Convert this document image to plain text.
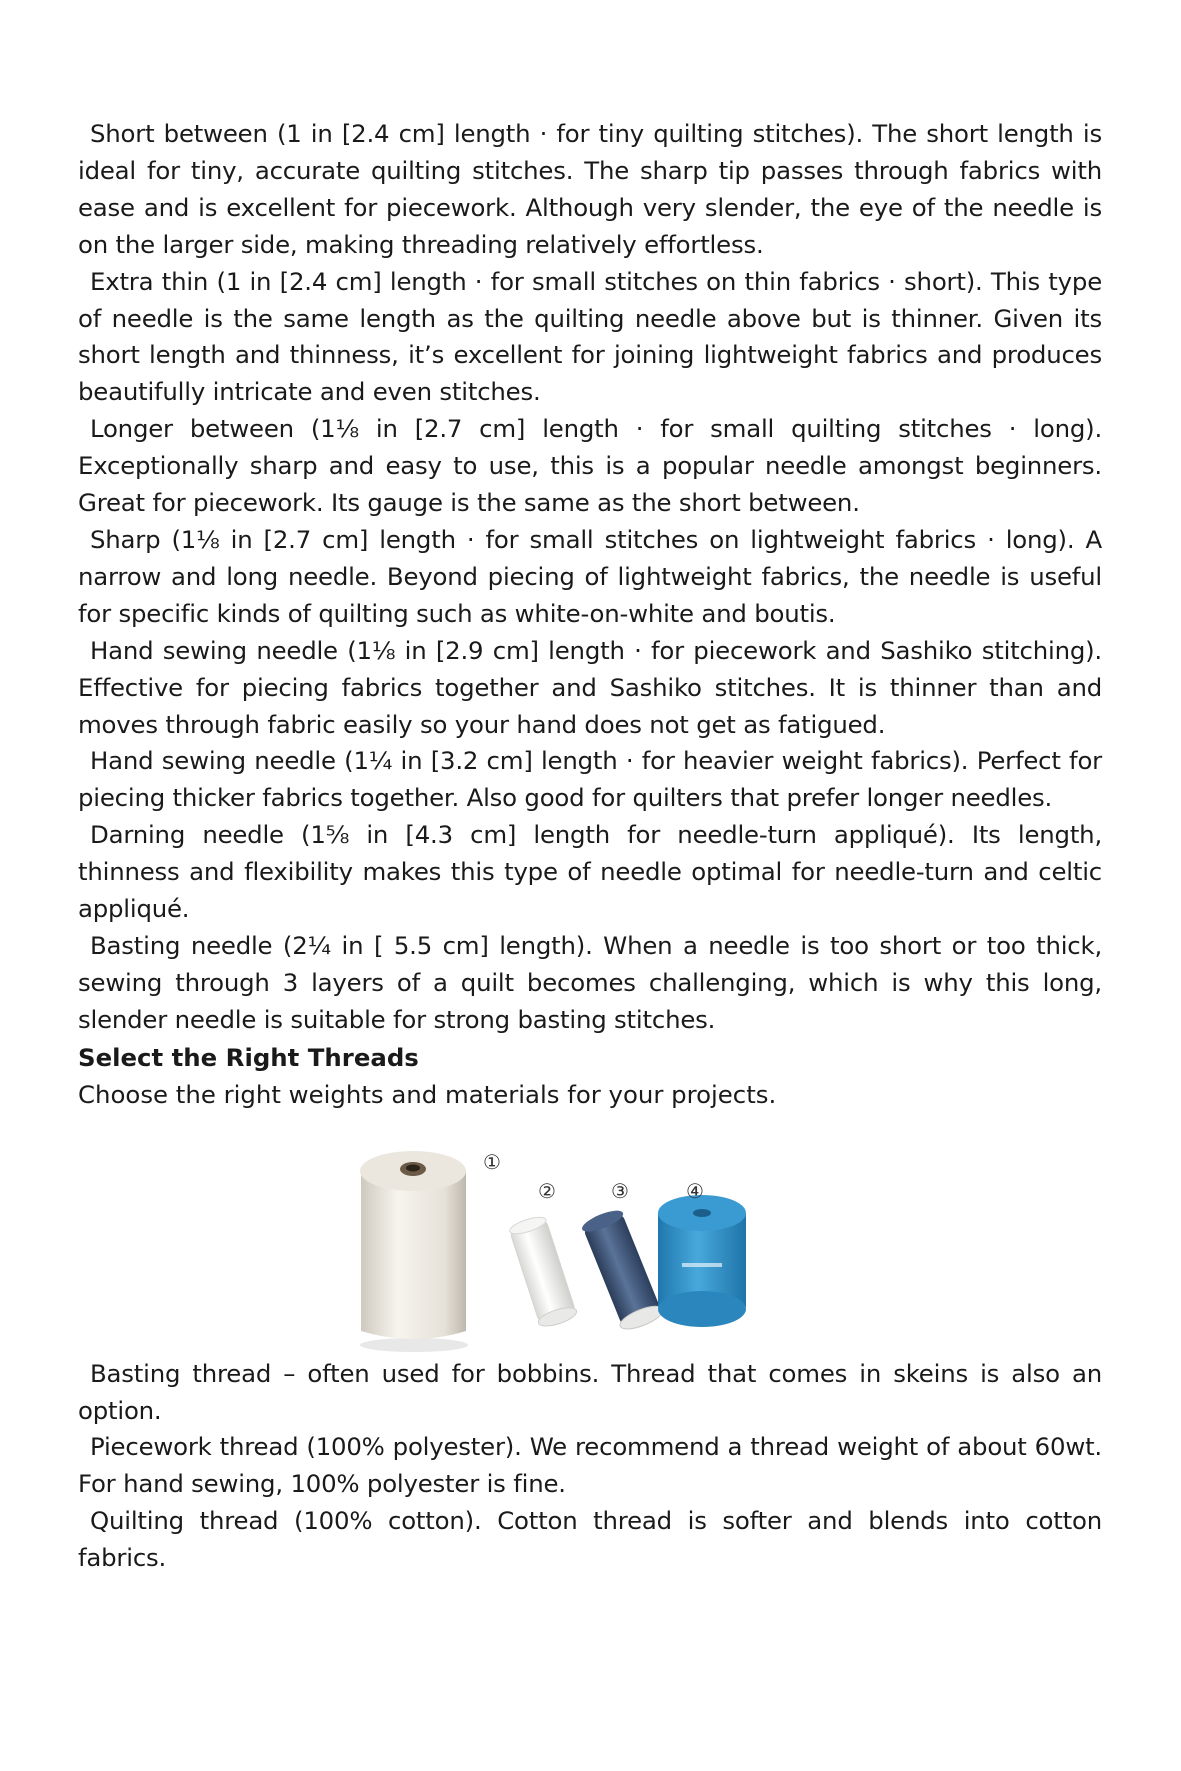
Short between (1 in [2.4 cm] length · for tiny quilting stitches). The short length is ideal for tiny, accurate quilting stitches. The sharp tip passes through fabrics with ease and is excellent for piecework. Although very slender, the eye of the needle is on the larger side, making threading relatively effortless.

Extra thin (1 in [2.4 cm] length · for small stitches on thin fabrics · short). This type of needle is the same length as the quilting needle above but is thinner. Given its short length and thinness, it’s excellent for joining lightweight fabrics and produces beautifully intricate and even stitches.

Longer between (1⅛ in [2.7 cm] length · for small quilting stitches · long). Exceptionally sharp and easy to use, this is a popular needle amongst beginners. Great for piecework. Its gauge is the same as the short between.

Sharp (1⅛ in [2.7 cm] length · for small stitches on lightweight fabrics · long). A narrow and long needle. Beyond piecing of lightweight fabrics, the needle is useful for specific kinds of quilting such as white-on-white and boutis.

Hand sewing needle (1⅛ in [2.9 cm] length · for piecework and Sashiko stitching). Effective for piecing fabrics together and Sashiko stitches. It is thinner than and moves through fabric easily so your hand does not get as fatigued.

Hand sewing needle (1¼ in [3.2 cm] length · for heavier weight fabrics). Perfect for piecing thicker fabrics together. Also good for quilters that prefer longer needles.

Darning needle (1⅝ in [4.3 cm] length for needle-turn appliqué). Its length, thinness and flexibility makes this type of needle optimal for needle-turn and celtic appliqué.

Basting needle (2¼ in [ 5.5 cm] length). When a needle is too short or too thick, sewing through 3 layers of a quilt becomes challenging, which is why this long, slender needle is suitable for strong basting stitches.

Select the Right Threads

Choose the right weights and materials for your projects.

①
②	③	④

Basting thread – often used for bobbins. Thread that comes in skeins is also an option.

Piecework thread (100% polyester). We recommend a thread weight of about 60wt. For hand sewing, 100% polyester is fine.

Quilting thread (100% cotton). Cotton thread is softer and blends into cotton fabrics.
